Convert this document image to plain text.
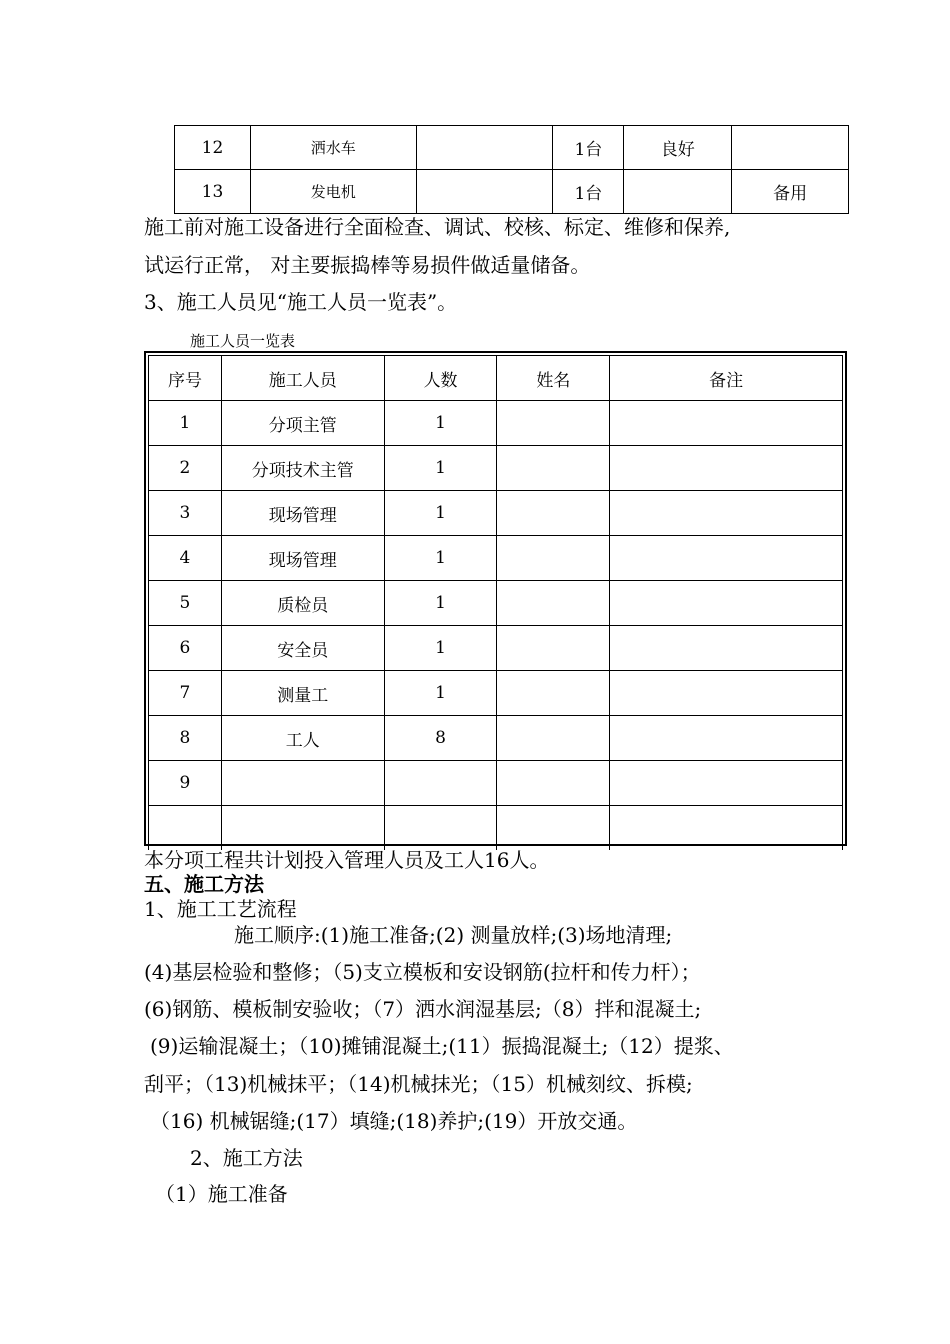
12	洒水车		1台	良好	
13	发电机		1台		备用
施工前对施工设备进行全面检查、调试、校核、标定、维修和保养,
试运行正常， 对主要振捣棒等易损件做适量储备。
3、施工人员见“施工人员一览表”。
施工人员一览表
序号	施工人员	人数	姓名	备注
1	分项主管	1		
2	分项技术主管	1		
3	现场管理	1		
4	现场管理	1		
5	质检员	1		
6	安全员	1		
7	测量工	1		
8	工人	8		
9				

本分项工程共计划投入管理人员及工人16人。
五、施工方法
1、施工工艺流程
施工顺序:(1)施工准备;(2) 测量放样;(3)场地清理;
(4)基层检验和整修；（5)支立模板和安设钢筋(拉杆和传力杆）；
(6)钢筋、模板制安验收；（7）洒水润湿基层;（8）拌和混凝土;
(9)运输混凝土；（10)摊铺混凝土;(11）振捣混凝土;（12）提浆、
刮平；（13)机械抹平；（14)机械抹光；（15）机械刻纹、拆模;
（16) 机械锯缝;(17）填缝;(18)养护;(19）开放交通。
2、施工方法
（1）施工准备
